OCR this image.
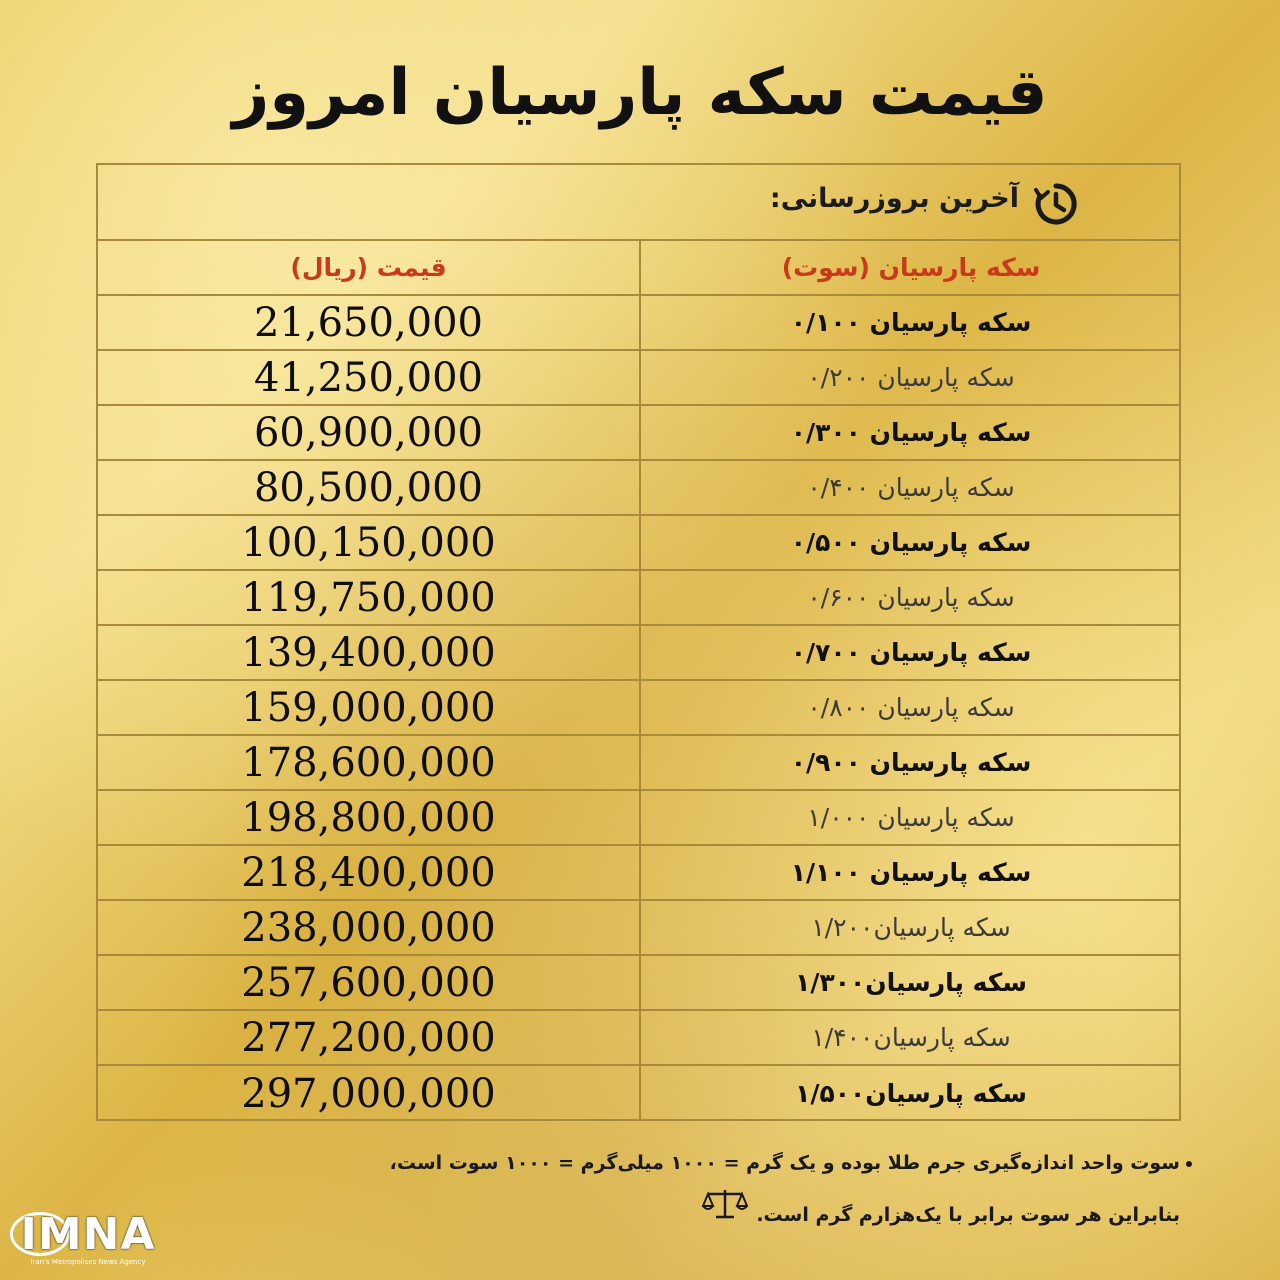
قیمت سکه پارسیان امروز
آخرین بروزرسانی:
سکه پارسیان (سوت)
قیمت (ریال)
سکه پارسیان ۰/۱۰۰
21,650,000
سکه پارسیان ۰/۲۰۰
41,250,000
سکه پارسیان ۰/۳۰۰
60,900,000
سکه پارسیان ۰/۴۰۰
80,500,000
سکه پارسیان ۰/۵۰۰
100,150,000
سکه پارسیان ۰/۶۰۰
119,750,000
سکه پارسیان ۰/۷۰۰
139,400,000
سکه پارسیان ۰/۸۰۰
159,000,000
سکه پارسیان ۰/۹۰۰
178,600,000
سکه پارسیان ۱/۰۰۰
198,800,000
سکه پارسیان ۱/۱۰۰
218,400,000
سکه پارسیان۱/۲۰۰
238,000,000
سکه پارسیان۱/۳۰۰
257,600,000
سکه پارسیان۱/۴۰۰
277,200,000
سکه پارسیان۱/۵۰۰
297,000,000
سوت واحد اندازه‌گیری جرم طلا بوده و یک گرم = ۱۰۰۰ میلی‌گرم = ۱۰۰۰ سوت است،
بنابراین هر سوت برابر با یک‌هزارم گرم است.
IMNA
Iran's Metropolises News Agency
